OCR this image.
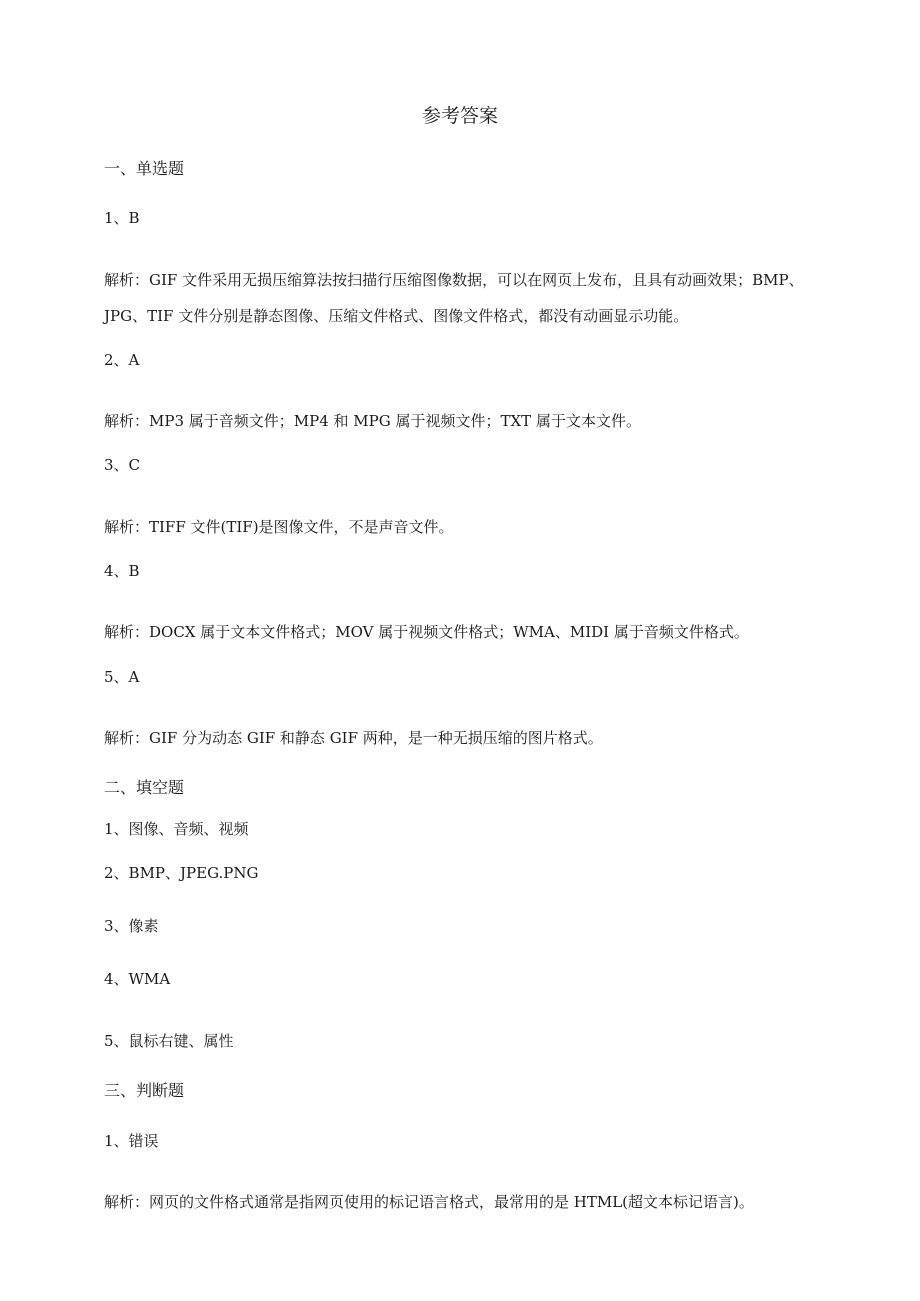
参考答案
一、单选题
1、B
解析：GIF 文件采用无损压缩算法按扫描行压缩图像数据，可以在网页上发布，且具有动画效果；BMP、
JPG、TIF 文件分别是静态图像、压缩文件格式、图像文件格式，都没有动画显示功能。
2、A
解析：MP3 属于音频文件；MP4 和 MPG 属于视频文件；TXT 属于文本文件。
3、C
解析：TIFF 文件(TIF)是图像文件，不是声音文件。
4、B
解析：DOCX 属于文本文件格式；MOV 属于视频文件格式；WMA、MIDI 属于音频文件格式。
5、A
解析：GIF 分为动态 GIF 和静态 GIF 两种，是一种无损压缩的图片格式。
二、填空题
1、图像、音频、视频
2、BMP、JPEG.PNG
3、像素
4、WMA
5、鼠标右键、属性
三、判断题
1、错误
解析：网页的文件格式通常是指网页使用的标记语言格式，最常用的是 HTML(超文本标记语言)。
